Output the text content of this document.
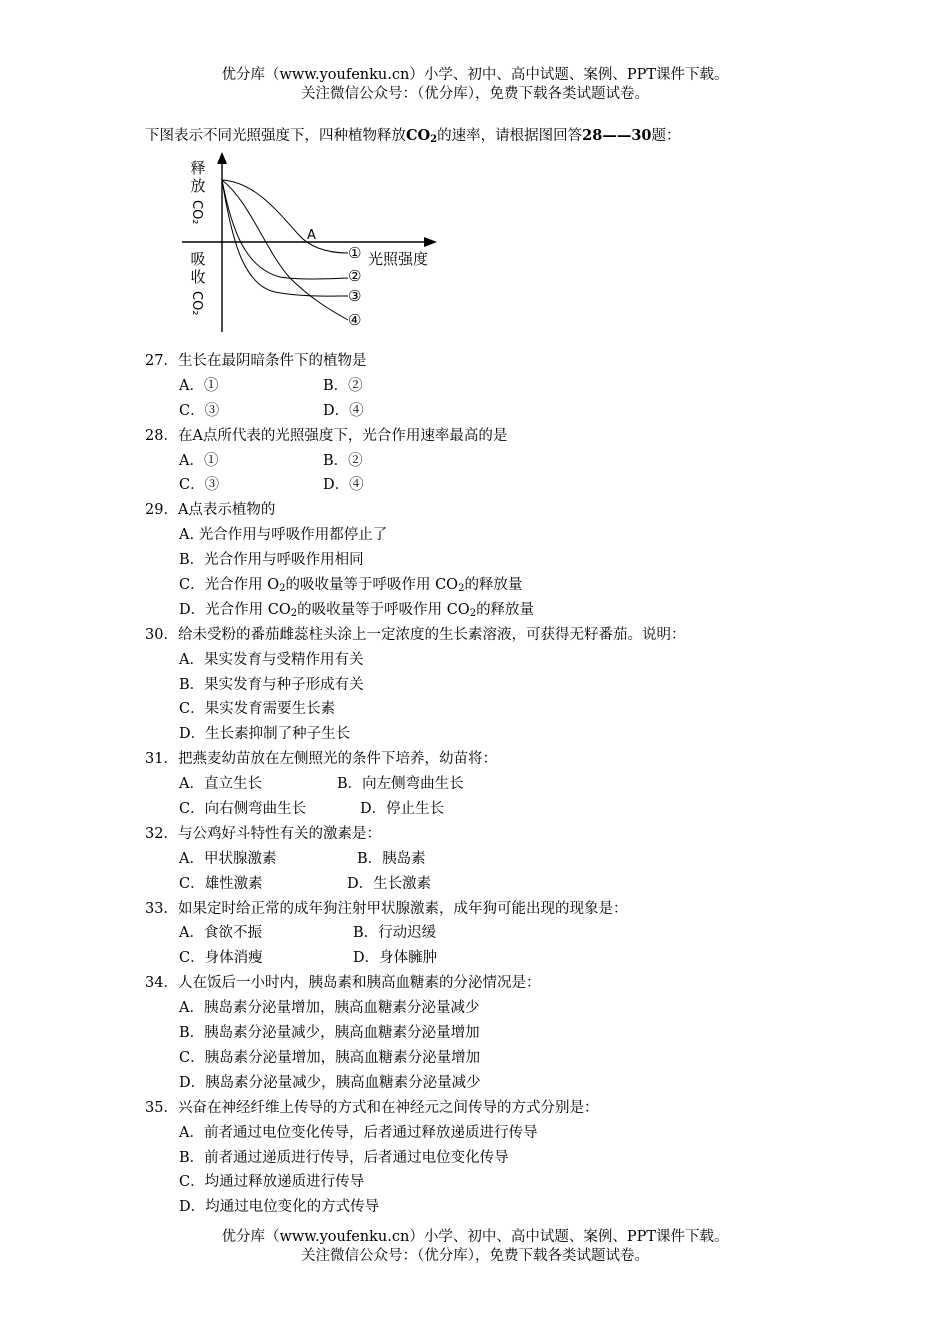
优分库（www.youfenku.cn）小学、初中、高中试题、案例、PPT课件下载。
关注微信公众号：（优分库），免费下载各类试题试卷。
下图表示不同光照强度下，四种植物释放$CO_2$的速率，请根据图回答28——30题：
释
放
CO₂
吸
收
CO₂
光照强度
A
①
②
③
④
27．生长在最阴暗条件下的植物是
A．①	B．②
C．③	D．④
28．在A点所代表的光照强度下，光合作用速率最高的是
A．①	B．②
C．③	D．④
29．A点表示植物的
A. 光合作用与呼吸作用都停止了
B．光合作用与呼吸作用相同
C．光合作用 $O_2$的吸收量等于呼吸作用 $CO_2$的释放量
D．光合作用 $CO_2$的吸收量等于呼吸作用 $CO_2$的释放量
30．给未受粉的番茄雌蕊柱头涂上一定浓度的生长素溶液，可获得无籽番茄。说明：
A．果实发育与受精作用有关
B．果实发育与种子形成有关
C．果实发育需要生长素
D．生长素抑制了种子生长
31．把燕麦幼苗放在左侧照光的条件下培养，幼苗将：
A．直立生长	B．向左侧弯曲生长
C．向右侧弯曲生长	D．停止生长
32．与公鸡好斗特性有关的激素是：
A．甲状腺激素	B．胰岛素
C．雄性激素	D．生长激素
33．如果定时给正常的成年狗注射甲状腺激素，成年狗可能出现的现象是：
A．食欲不振	B．行动迟缓
C．身体消瘦	D．身体臃肿
34．人在饭后一小时内，胰岛素和胰高血糖素的分泌情况是：
A．胰岛素分泌量增加，胰高血糖素分泌量减少
B．胰岛素分泌量减少，胰高血糖素分泌量增加
C．胰岛素分泌量增加，胰高血糖素分泌量增加
D．胰岛素分泌量减少，胰高血糖素分泌量减少
35．兴奋在神经纤维上传导的方式和在神经元之间传导的方式分别是：
A．前者通过电位变化传导，后者通过释放递质进行传导
B．前者通过递质进行传导，后者通过电位变化传导
C．均通过释放递质进行传导
D．均通过电位变化的方式传导
优分库（www.youfenku.cn）小学、初中、高中试题、案例、PPT课件下载。
关注微信公众号：（优分库），免费下载各类试题试卷。
